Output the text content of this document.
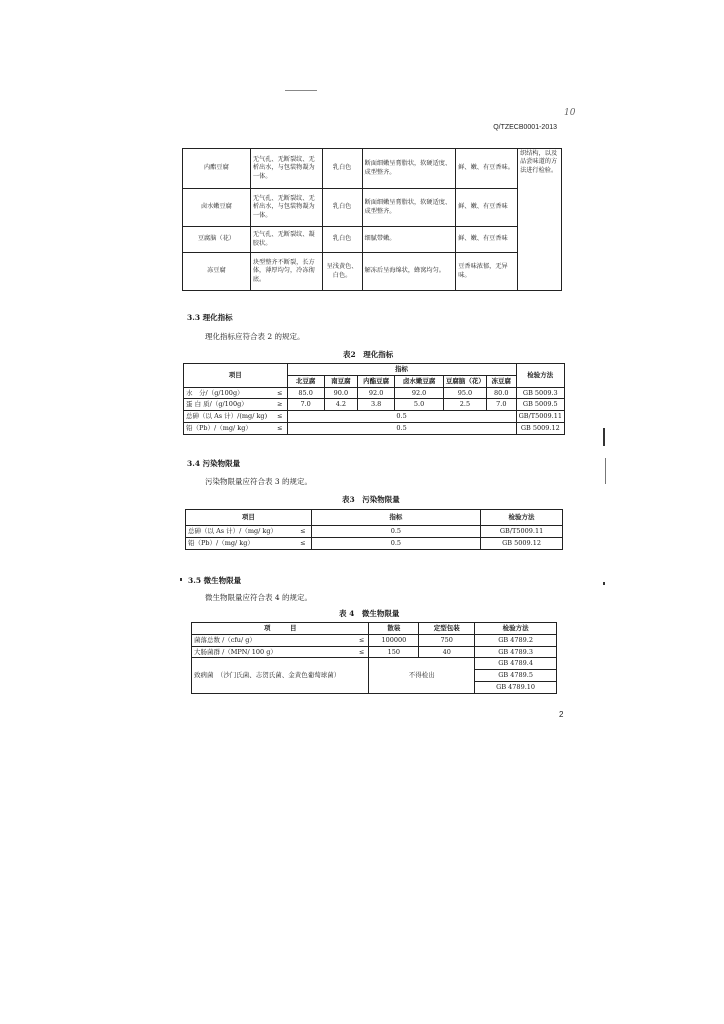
10
Q/TZECB0001-2013
内酯豆腐	无气孔、无断裂纹、无析出水，与包装物凝为一体。	乳白色	断面细嫩呈膏脂状，软硬适度、成型整齐。	鲜、嫩、有豆香味。	织结构，以及品尝味道的方法进行检验。
卤水嫩豆腐	无气孔、无断裂纹、无析出水，与包装物凝为一体。	乳白色	断面细嫩呈膏脂状，软硬适度、成型整齐。	鲜、嫩、有豆香味	
豆腐脑（花）	无气孔、无断裂纹、凝胶状。	乳白色	细腻带嫩。	鲜、嫩、有豆香味	
冻豆腐	块型整齐不断裂，长方体，薄厚均匀，冷冻彻底。	呈浅黄色、白色。	解冻后呈海绵状，蜂窝均匀。	豆香味浓郁，无异味。	
3.3 理化指标
理化指标应符合表 2 的规定。
表2　理化指标
项目		指标						检验方法
		北豆腐	南豆腐	内酯豆腐	卤水嫩豆腐	豆腐脑（花）	冻豆腐	
水　分/（g/100g）	≤	85.0	90.0	92.0	92.0	95.0	80.0	GB 5009.3
蛋 白 质/（g/100g）	≥	7.0	4.2	3.8	5.0	2.5	7.0	GB 5009.5
总砷（以 As 计）/(mg/ kg)	≤	0.5						GB/T5009.11
铅（Pb）/（mg/ kg）	≤	0.5						GB 5009.12
3.4 污染物限量
污染物限量应符合表 3 的规定。
表3　污染物限量
项目		指标	检验方法
总砷（以 As 计）/（mg/ kg）	≤	0.5	GB/T5009.11
铅（Pb）/（mg/ kg）	≤	0.5	GB 5009.12
3.5 微生物限量
微生物限量应符合表 4 的规定。
表 4　微生物限量
项　　　目		散装	定型包装	检验方法
菌落总数 /（cfu/ g）	≤	100000	750	GB 4789.2
大肠菌群 /（MPN/ 100 g）	≤	150	40	GB 4789.3
致病菌　（沙门氏菌、志贺氏菌、金黄色葡萄球菌）		不得检出		GB 4789.4
GB 4789.5
GB 4789.10
2
